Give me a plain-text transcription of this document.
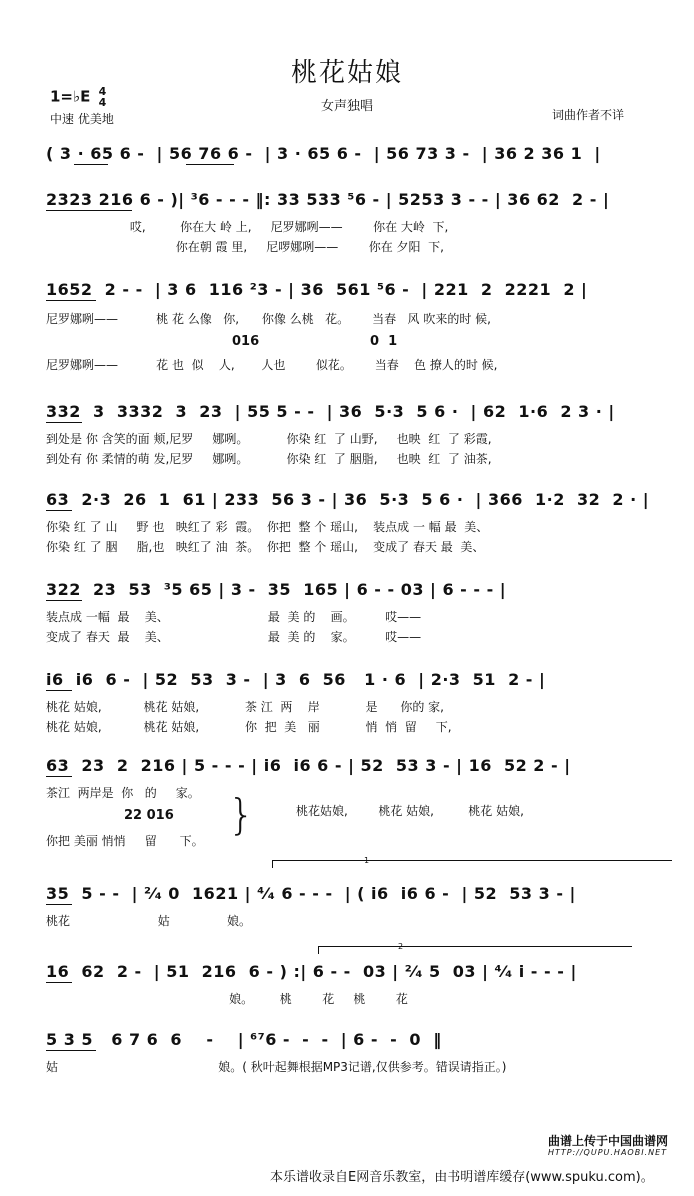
桃花姑娘
女声独唱
1=♭E 4
4
中速 优美地	词曲作者不详
( 3 · 65 6 -  | 56 76 6 -  | 3 · 65 6 -  | 56 73 3 -  | 36 2 36 1  |
2323 216 6 - )| ³6 - - - ‖: 33 533 ⁵6 - | 5253 3 - - | 36 62  2 - |
哎,         你在大 岭 上,     尼罗娜咧——        你在 大岭  下,
你在朝 霞 里,     尼啰娜咧——        你在 夕阳  下,
1652  2 - -  | 3 6  116 ²3 - | 36  561 ⁵6 -  | 221  2  2221  2 |
尼罗娜咧——          桃 花 么像   你,      你像 么桃   花。      当春   风 吹来的时 候,
016	0  1
尼罗娜咧——          花 也  似    人,       人也        似花。      当春    色 撩人的时 候,
332  3  3332  3  23  | 55 5 - -  | 36  5·3  5 6 ·  | 62  1·6  2 3 · |
到处是 你 含笑的面 颊,尼罗     娜咧。          你染 红  了 山野,     也映  红  了 彩霞,
到处有 你 柔情的萌 发,尼罗     娜咧。          你染 红  了 胭脂,     也映  红  了 油茶,
63  2·3  26  1  61 | 233  56 3 - | 36  5·3  5 6 ·  | 366  1·2  32  2 · |
你染 红 了 山     野 也   映红了 彩  霞。  你把  整 个 瑶山,    装点成 一 幅 最  美、
你染 红 了 胭     脂,也   映红了 油  茶。  你把  整 个 瑶山,    变成了 春天 最  美、
322  23  53  ³5 65 | 3 -  35  165 | 6 - - 03 | 6 - - - |
装点成 一幅  最    美、                          最  美 的    画。        哎——
变成了 春天  最    美、                          最  美 的    家。        哎——
i6  i6  6 -  | 52  53  3 -  | 3  6  56   1 · 6  | 2·3  51  2 - |
桃花 姑娘,           桃花 姑娘,            茶 江  两    岸            是      你的 家,
桃花 姑娘,           桃花 姑娘,            你  把  美   丽            悄  悄  留     下,
63  23  2  216 | 5 - - - | i6  i6 6 - | 52  53 3 - | 16  52 2 - |
茶江  两岸是  你   的     家。
22 016
你把 美丽 悄悄     留      下。
}	桃花姑娘,        桃花 姑娘,         桃花 姑娘,
1
35  5 - -  | ²⁄₄ 0  1621 | ⁴⁄₄ 6 - - -  | ( i6  i6 6 -  | 52  53 3 - |
桃花                       姑               娘。
2
16  62  2 -  | 51  216  6 - ) :| 6 - -  03 | ²⁄₄ 5  03 | ⁴⁄₄ i - - - |
娘。       桃        花     桃        花
5 3 5   6 7 6  6    -    | ⁶⁷6 -  -  -  | 6 -  -  0  ‖
姑                                          娘。( 秋叶起舞根据MP3记谱,仅供参考。错误请指正。)
曲谱上传于中国曲谱网
HTTP://QUPU.HAOBI.NET
本乐谱收录自E网音乐教室，由书明谱库缓存(www.spuku.com)。
